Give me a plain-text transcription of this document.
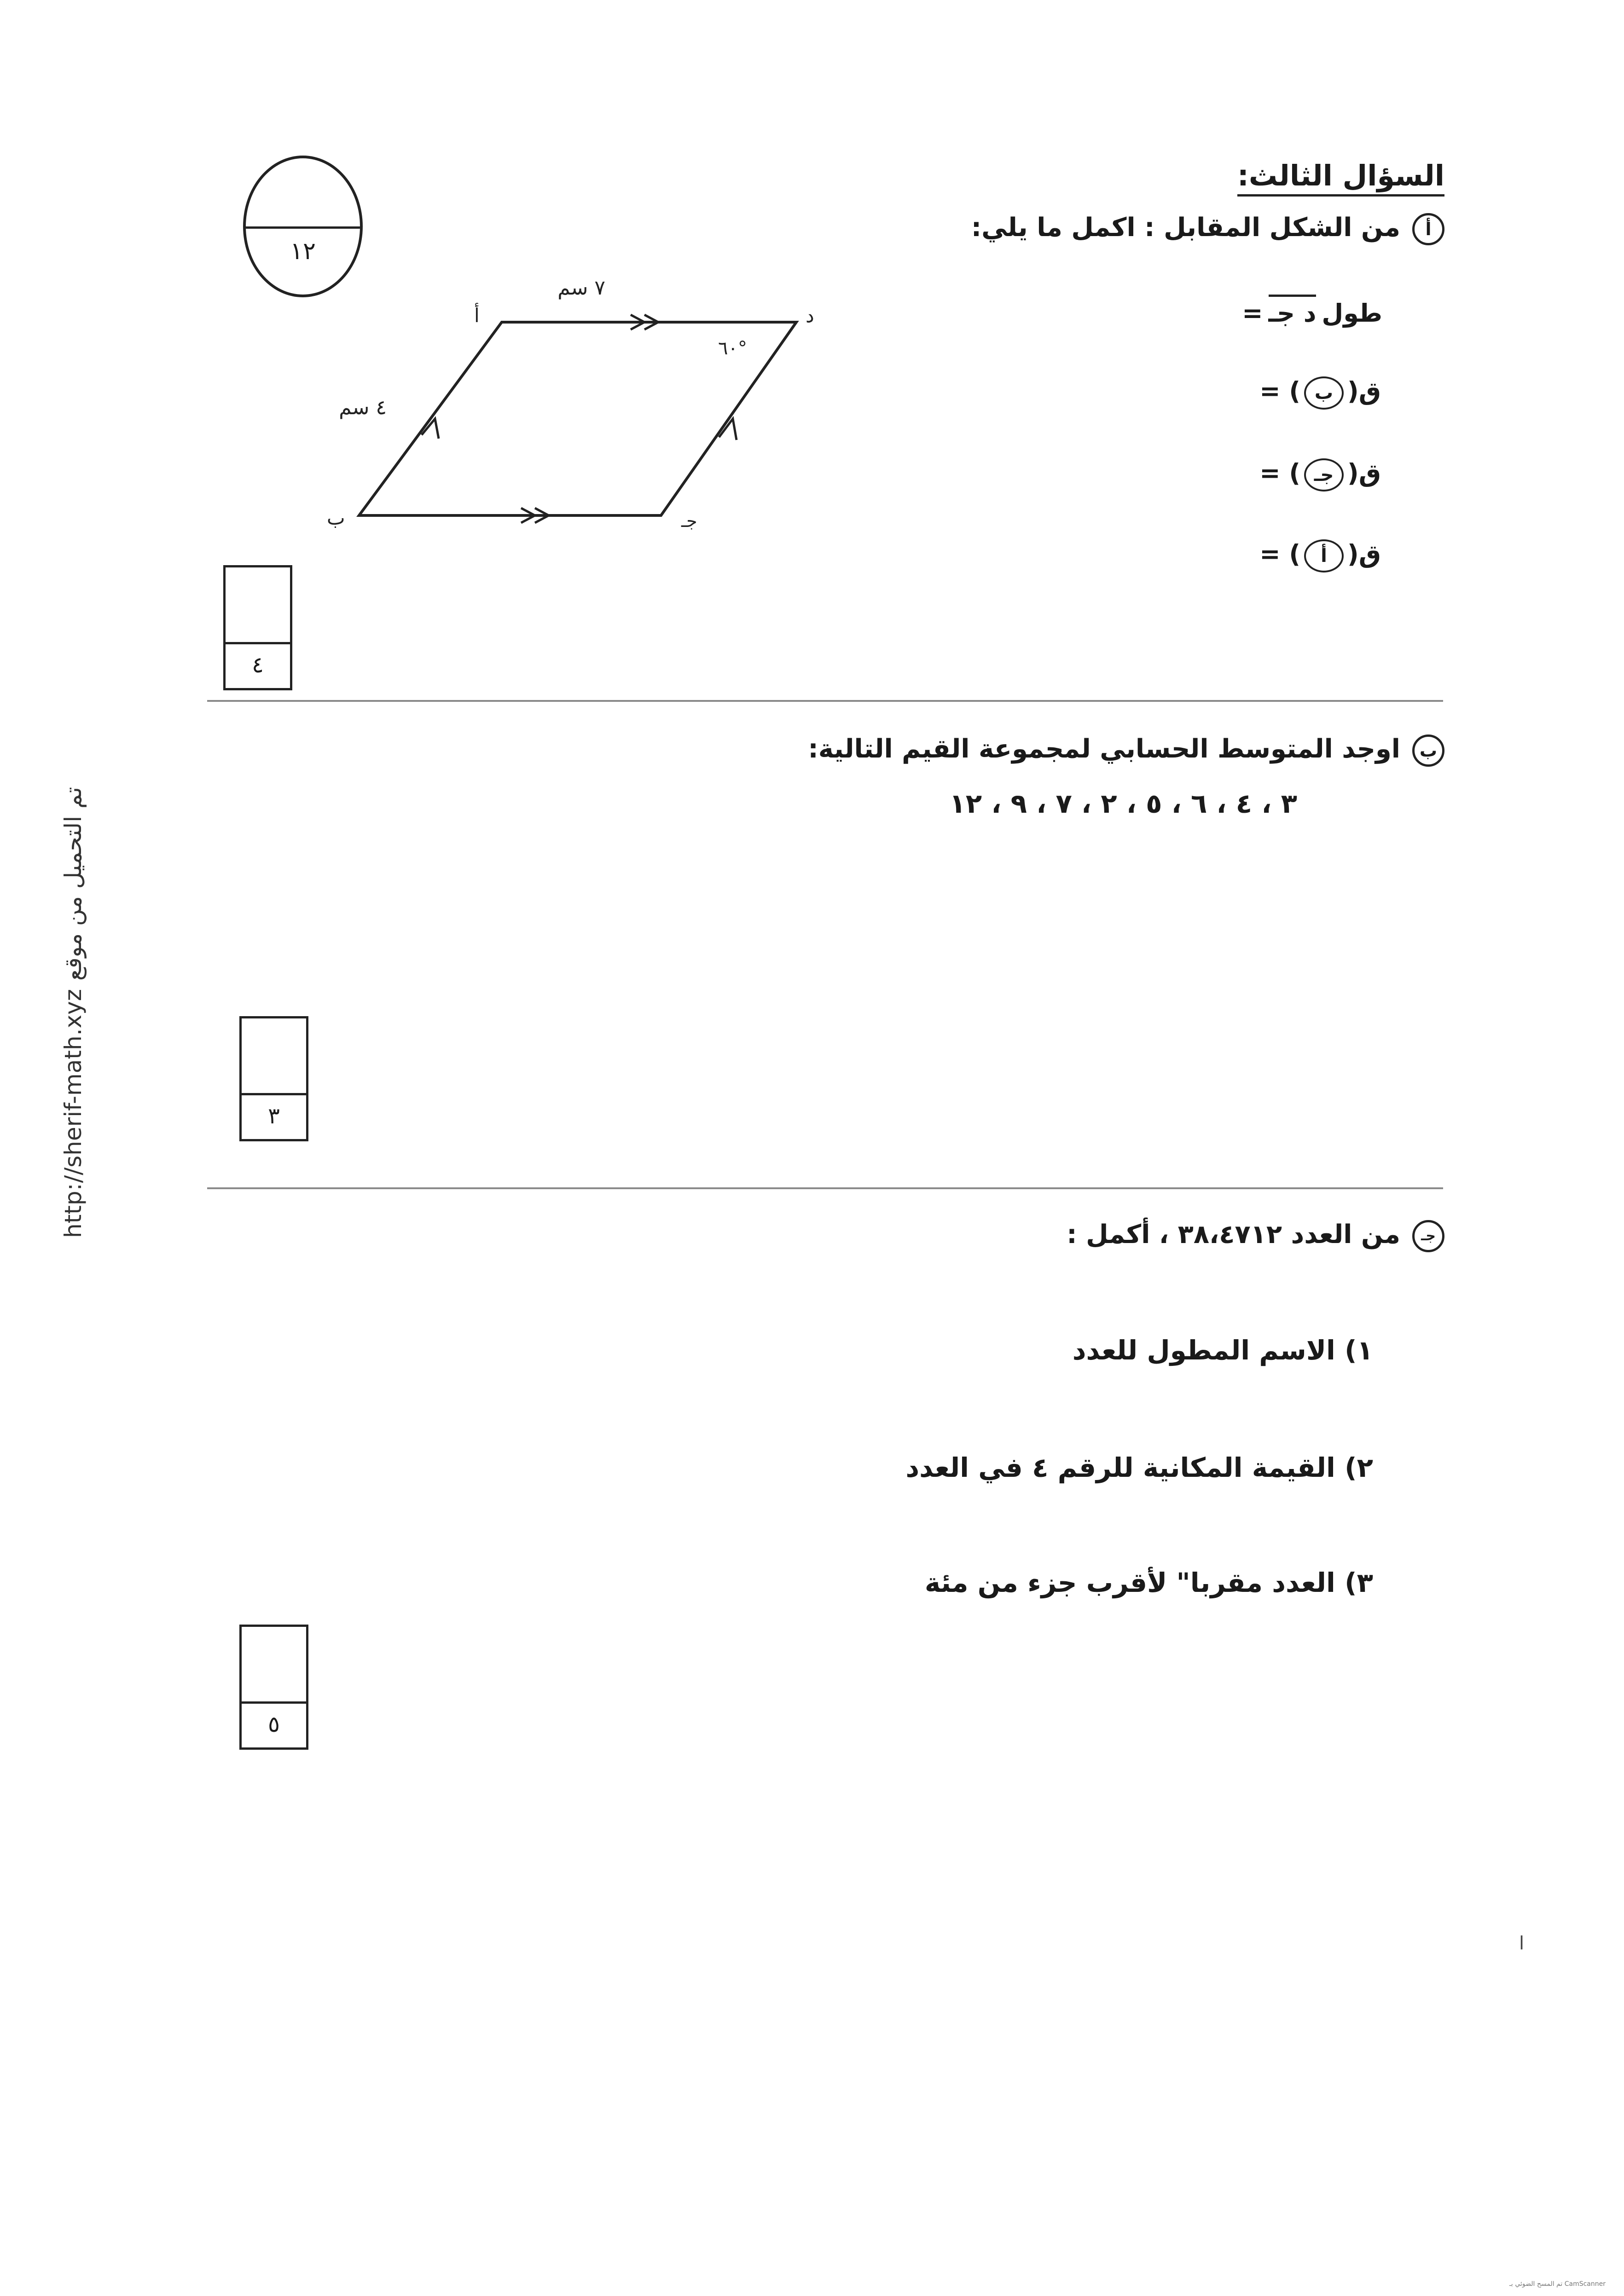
http://sherif-math.xyz
تم التحميل من موقع
السؤال الثالث:
١٢
أمن الشكل المقابل : اكمل ما يلي:
طولد جـ=
ق(ب) =
ق(جـ) =
ق(أ) =
أ	د
ب	جـ
٧ سم
٤ سم
٦٠°
٤
باوجد المتوسط الحسابي لمجموعة القيم التالية:
٣ ، ٤ ، ٦ ، ٥ ، ٢ ، ٧ ، ٩ ، ١٢
٣
جـمن العدد ٣٨،٤٧١٢ ، أكمل :
١) الاسم المطول للعدد
٢) القيمة المكانية للرقم ٤ في العدد
٣) العدد مقربا" لأقرب جزء من مئة
٥
ا
CamScanner تم المسح الضوئي بـ
